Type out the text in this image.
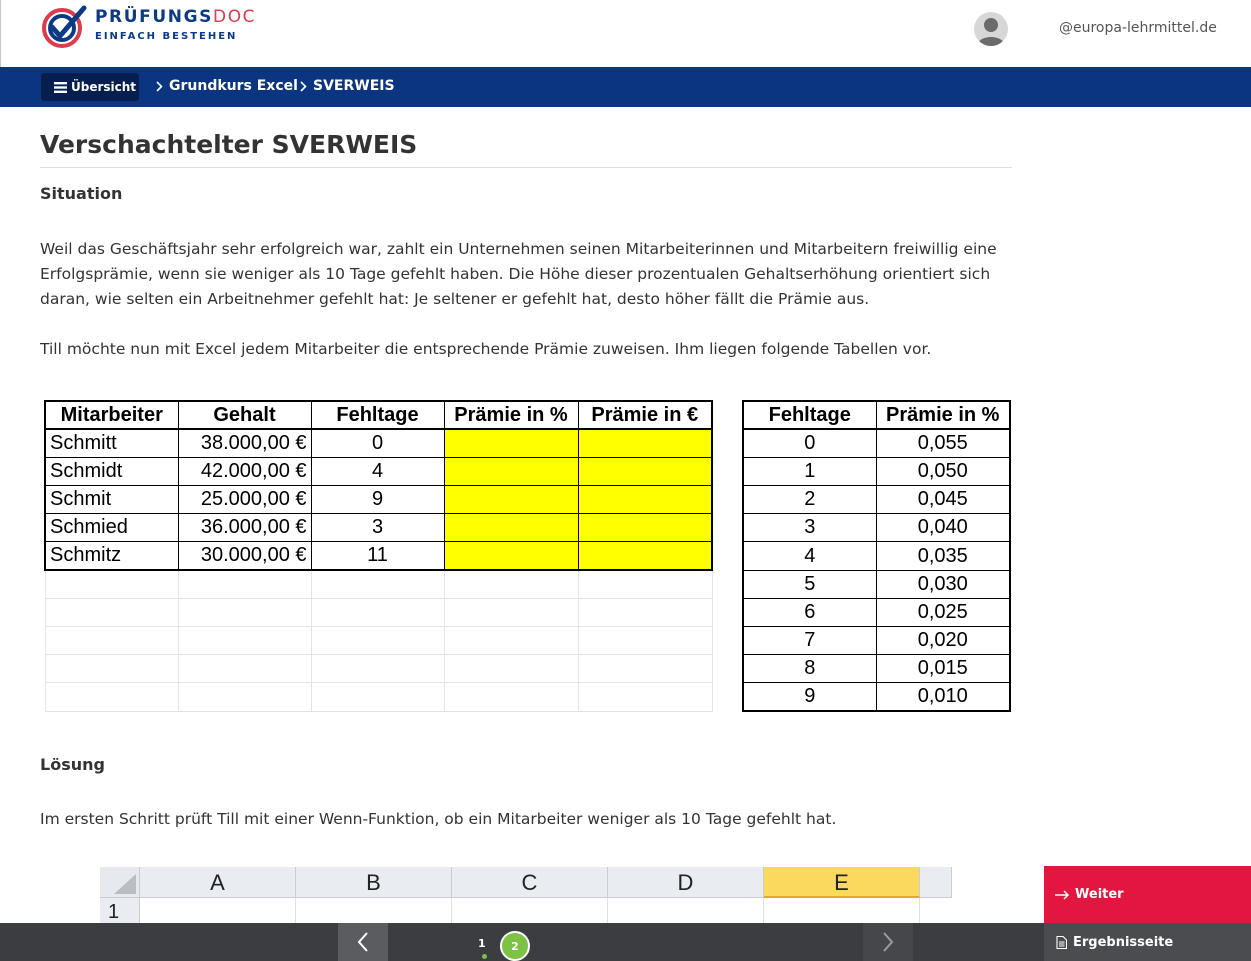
PRÜFUNGSDOC
EINFACH BESTEHEN
@europa-lehrmittel.de
Übersicht Grundkurs Excel SVERWEIS
Verschachtelter SVERWEIS
Situation

Weil das Geschäftsjahr sehr erfolgreich war, zahlt ein Unternehmen seinen Mitarbeiterinnen und Mitarbeitern freiwillig eine Erfolgsprämie, wenn sie weniger als 10 Tage gefehlt haben. Die Höhe dieser prozentualen Gehaltserhöhung orientiert sich daran, wie selten ein Arbeitnehmer gefehlt hat: Je seltener er gefehlt hat, desto höher fällt die Prämie aus.

Till möchte nun mit Excel jedem Mitarbeiter die entsprechende Prämie zuweisen. Ihm liegen folgende Tabellen vor.

Mitarbeiter	Gehalt	Fehltage	Prämie in %	Prämie in €
Schmitt	38.000,00 €	0		
Schmidt	42.000,00 €	4		
Schmit	25.000,00 €	9		
Schmied	36.000,00 €	3		
Schmitz	30.000,00 €	11		

Fehltage	Prämie in %
0	0,055
1	0,050
2	0,045
3	0,040
4	0,035
5	0,030
6	0,025
7	0,020
8	0,015
9	0,010
Lösung

Im ersten Schritt prüft Till mit einer Wenn-Funktion, ob ein Mitarbeiter weniger als 10 Tage gefehlt hat.

A	B	C	D	E
1
Weiter
1	2	Ergebnisseite
